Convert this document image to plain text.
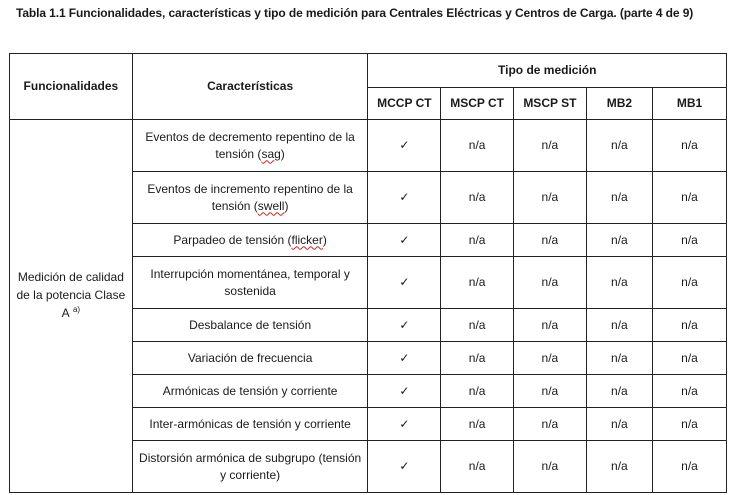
Tabla 1.1 Funcionalidades, características y tipo de medición para Centrales Eléctricas y Centros de Carga. (parte 4 de 9)
Funcionalidades	Características	Tipo de medición				
		MCCP CT	MSCP CT	MSCP ST	MB2	MB1
Medición de calidad de la potencia Clase A $^{a)}$	Eventos de decremento repentino de la tensión (sag)	✓	n/a	n/a	n/a	n/a
	Eventos de incremento repentino de la tensión (swell)	✓	n/a	n/a	n/a	n/a
	Parpadeo de tensión (flicker)	✓	n/a	n/a	n/a	n/a
	Interrupción momentánea, temporal y sostenida	✓	n/a	n/a	n/a	n/a
	Desbalance de tensión	✓	n/a	n/a	n/a	n/a
	Variación de frecuencia	✓	n/a	n/a	n/a	n/a
	Armónicas de tensión y corriente	✓	n/a	n/a	n/a	n/a
	Inter-armónicas de tensión y corriente	✓	n/a	n/a	n/a	n/a
	Distorsión armónica de subgrupo (tensión y corriente)	✓	n/a	n/a	n/a	n/a
